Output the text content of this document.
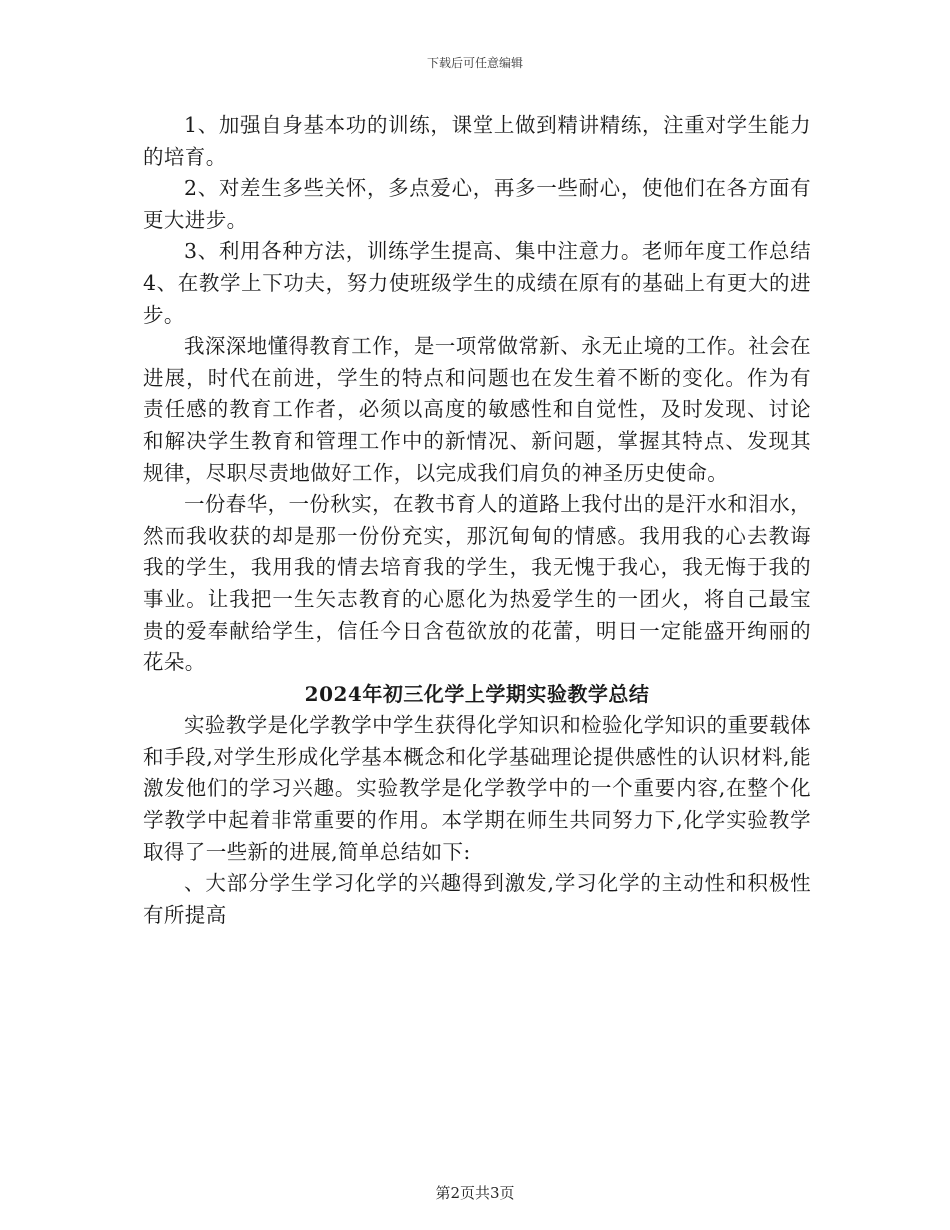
下载后可任意编辑

1、加强自身基本功的训练，课堂上做到精讲精练，注重对学生能力的培育。

2、对差生多些关怀，多点爱心，再多一些耐心，使他们在各方面有更大进步。

3、利用各种方法，训练学生提高、集中注意力。老师年度工作总结4、在教学上下功夫，努力使班级学生的成绩在原有的基础上有更大的进步。

我深深地懂得教育工作，是一项常做常新、永无止境的工作。社会在进展，时代在前进，学生的特点和问题也在发生着不断的变化。作为有责任感的教育工作者，必须以高度的敏感性和自觉性，及时发现、讨论和解决学生教育和管理工作中的新情况、新问题，掌握其特点、发现其规律，尽职尽责地做好工作，以完成我们肩负的神圣历史使命。

一份春华，一份秋实，在教书育人的道路上我付出的是汗水和泪水，然而我收获的却是那一份份充实，那沉甸甸的情感。我用我的心去教诲我的学生，我用我的情去培育我的学生，我无愧于我心，我无悔于我的事业。让我把一生矢志教育的心愿化为热爱学生的一团火，将自己最宝贵的爱奉献给学生，信任今日含苞欲放的花蕾，明日一定能盛开绚丽的花朵。

2024年初三化学上学期实验教学总结

实验教学是化学教学中学生获得化学知识和检验化学知识的重要载体和手段,对学生形成化学基本概念和化学基础理论提供感性的认识材料,能激发他们的学习兴趣。实验教学是化学教学中的一个重要内容,在整个化学教学中起着非常重要的作用。本学期在师生共同努力下,化学实验教学取得了一些新的进展,简单总结如下:

、大部分学生学习化学的兴趣得到激发,学习化学的主动性和积极性有所提高

第2页共3页
